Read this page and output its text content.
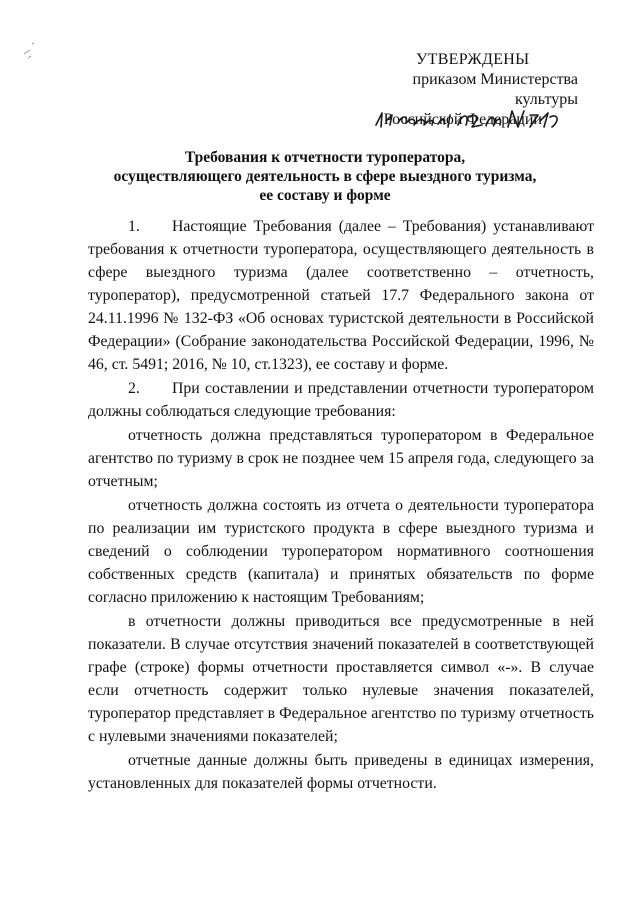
УТВЕРЖДЕНЫ
приказом Министерства культуры
Российской Федерации
Требования к отчетности туроператора,
осуществляющего деятельность в сфере выездного туризма,
ее составу и форме

1. Настоящие Требования (далее – Требования) устанавливают требования к отчетности туроператора, осуществляющего деятельность в сфере выездного туризма (далее соответственно – отчетность, туроператор), предусмотренной статьей 17.7 Федерального закона от 24.11.1996 № 132-ФЗ «Об основах туристской деятельности в Российской Федерации» (Собрание законодательства Российской Федерации, 1996, № 46, ст. 5491; 2016, № 10, ст.1323), ее составу и форме.

2. При составлении и представлении отчетности туроператором должны соблюдаться следующие требования:

отчетность должна представляться туроператором в Федеральное агентство по туризму в срок не позднее чем 15 апреля года, следующего за отчетным;

отчетность должна состоять из отчета о деятельности туроператора по реализации им туристского продукта в сфере выездного туризма и сведений о соблюдении туроператором нормативного соотношения собственных средств (капитала) и принятых обязательств по форме согласно приложению к настоящим Требованиям;

в отчетности должны приводиться все предусмотренные в ней показатели. В случае отсутствия значений показателей в соответствующей графе (строке) формы отчетности проставляется символ «-». В случае если отчетность содержит только нулевые значения показателей, туроператор представляет в Федеральное агентство по туризму отчетность с нулевыми значениями показателей;

отчетные данные должны быть приведены в единицах измерения, установленных для показателей формы отчетности.
